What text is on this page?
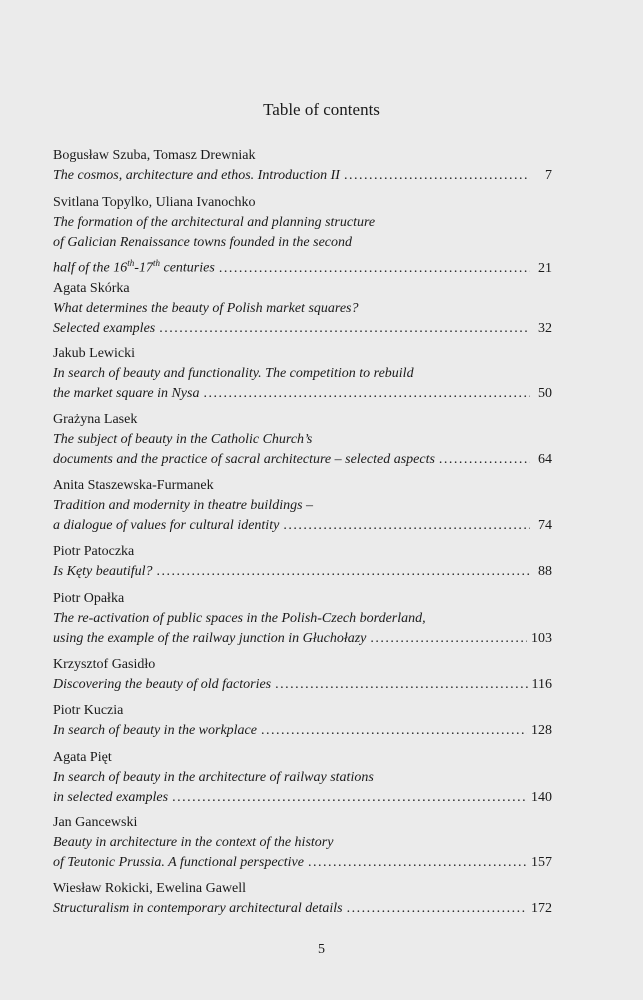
Table of contents
Bogusław Szuba, Tomasz Drewniak
The cosmos, architecture and ethos. Introduction II .....	7
Svitlana Topylko, Uliana Ivanochko
The formation of the architectural and planning structure
of Galician Renaissance towns founded in the second
half of the 16th-17th centuries .....	21
Agata Skórka
What determines the beauty of Polish market squares?
Selected examples .....	32
Jakub Lewicki
In search of beauty and functionality. The competition to rebuild
the market square in Nysa .....	50
Grażyna Lasek
The subject of beauty in the Catholic Church’s
documents and the practice of sacral architecture – selected aspects .....	64
Anita Staszewska-Furmanek
Tradition and modernity in theatre buildings –
a dialogue of values for cultural identity .....	74
Piotr Patoczka
Is Kęty beautiful? .....	88
Piotr Opałka
The re-activation of public spaces in the Polish-Czech borderland,
using the example of the railway junction in Głuchołazy .....	103
Krzysztof Gasidło
Discovering the beauty of old factories .....	116
Piotr Kuczia
In search of beauty in the workplace .....	128
Agata Pięt
In search of beauty in the architecture of railway stations
in selected examples .....	140
Jan Gancewski
Beauty in architecture in the context of the history
of Teutonic Prussia. A functional perspective .....	157
Wiesław Rokicki, Ewelina Gawell
Structuralism in contemporary architectural details .....	172
5
